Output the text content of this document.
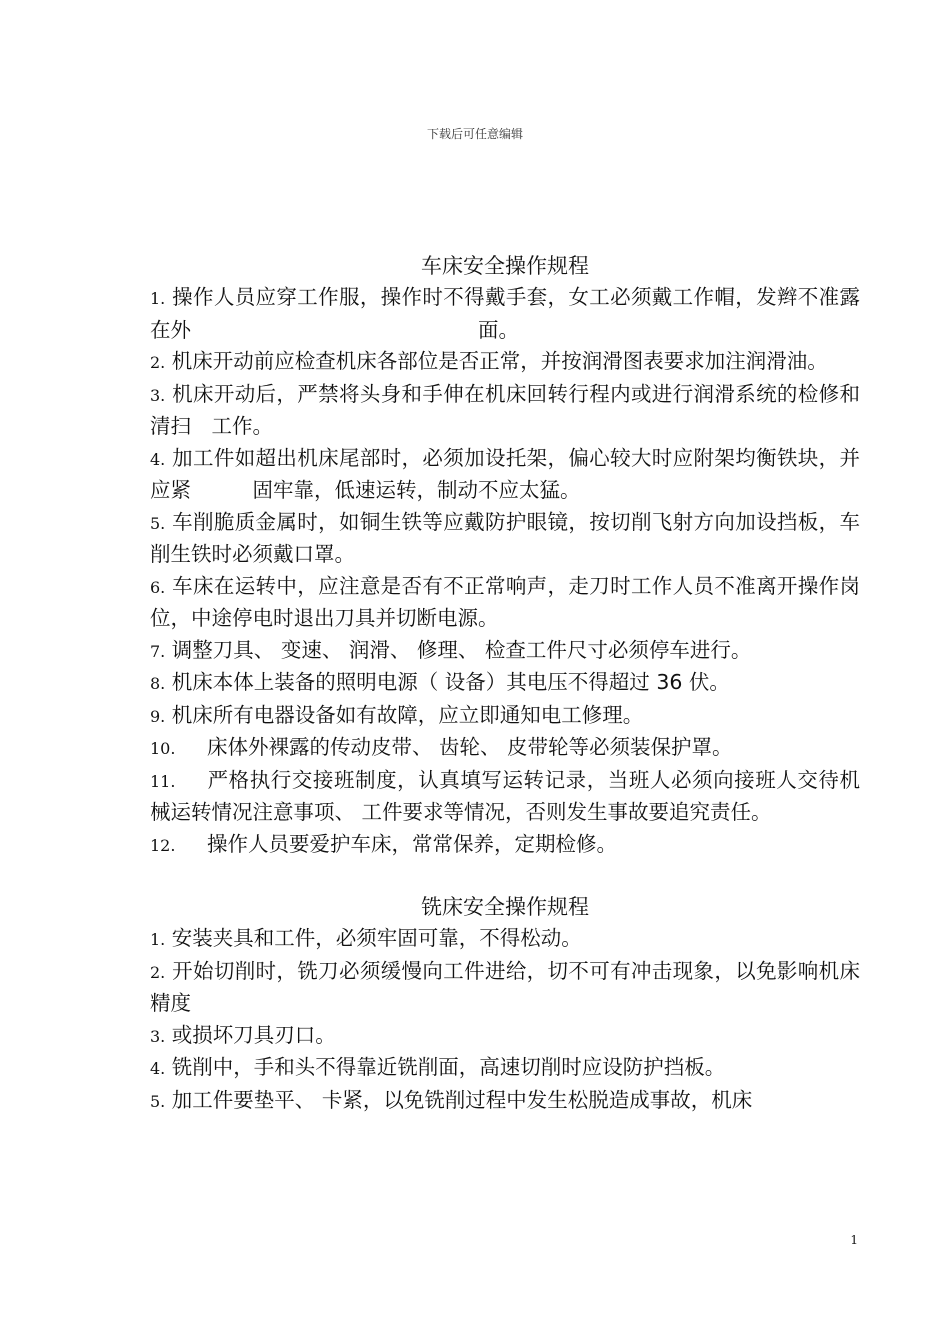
下载后可任意编辑
车床安全操作规程

1. 操作人员应穿工作服，操作时不得戴手套，女工必须戴工作帽，发辫不准露在外　　　　　　　　　　　　　　面。

2. 机床开动前应检查机床各部位是否正常，并按润滑图表要求加注润滑油。

3. 机床开动后，严禁将头身和手伸在机床回转行程内或进行润滑系统的检修和清扫　工作。

4. 加工件如超出机床尾部时，必须加设托架，偏心较大时应附架均衡铁块，并应紧　　　固牢靠，低速运转，制动不应太猛。

5. 车削脆质金属时，如铜生铁等应戴防护眼镜，按切削飞射方向加设挡板，车削生铁时必须戴口罩。

6. 车床在运转中，应注意是否有不正常响声，走刀时工作人员不准离开操作岗位，中途停电时退出刀具并切断电源。

7. 调整刀具、 变速、 润滑、 修理、 检查工件尺寸必须停车进行。

8. 机床本体上装备的照明电源（ 设备）其电压不得超过 36 伏。

9. 机床所有电器设备如有故障，应立即通知电工修理。

10. 床体外裸露的传动皮带、 齿轮、 皮带轮等必须装保护罩。

11. 严格执行交接班制度，认真填写运转记录，当班人必须向接班人交待机械运转情况注意事项、 工件要求等情况，否则发生事故要追究责任。

12. 操作人员要爱护车床，常常保养，定期检修。

铣床安全操作规程

1. 安装夹具和工件，必须牢固可靠，不得松动。

2. 开始切削时，铣刀必须缓慢向工件进给，切不可有冲击现象，以免影响机床精度

3. 或损坏刀具刃口。

4. 铣削中，手和头不得靠近铣削面，高速切削时应设防护挡板。

5. 加工件要垫平、 卡紧，以免铣削过程中发生松脱造成事故，机床

1
